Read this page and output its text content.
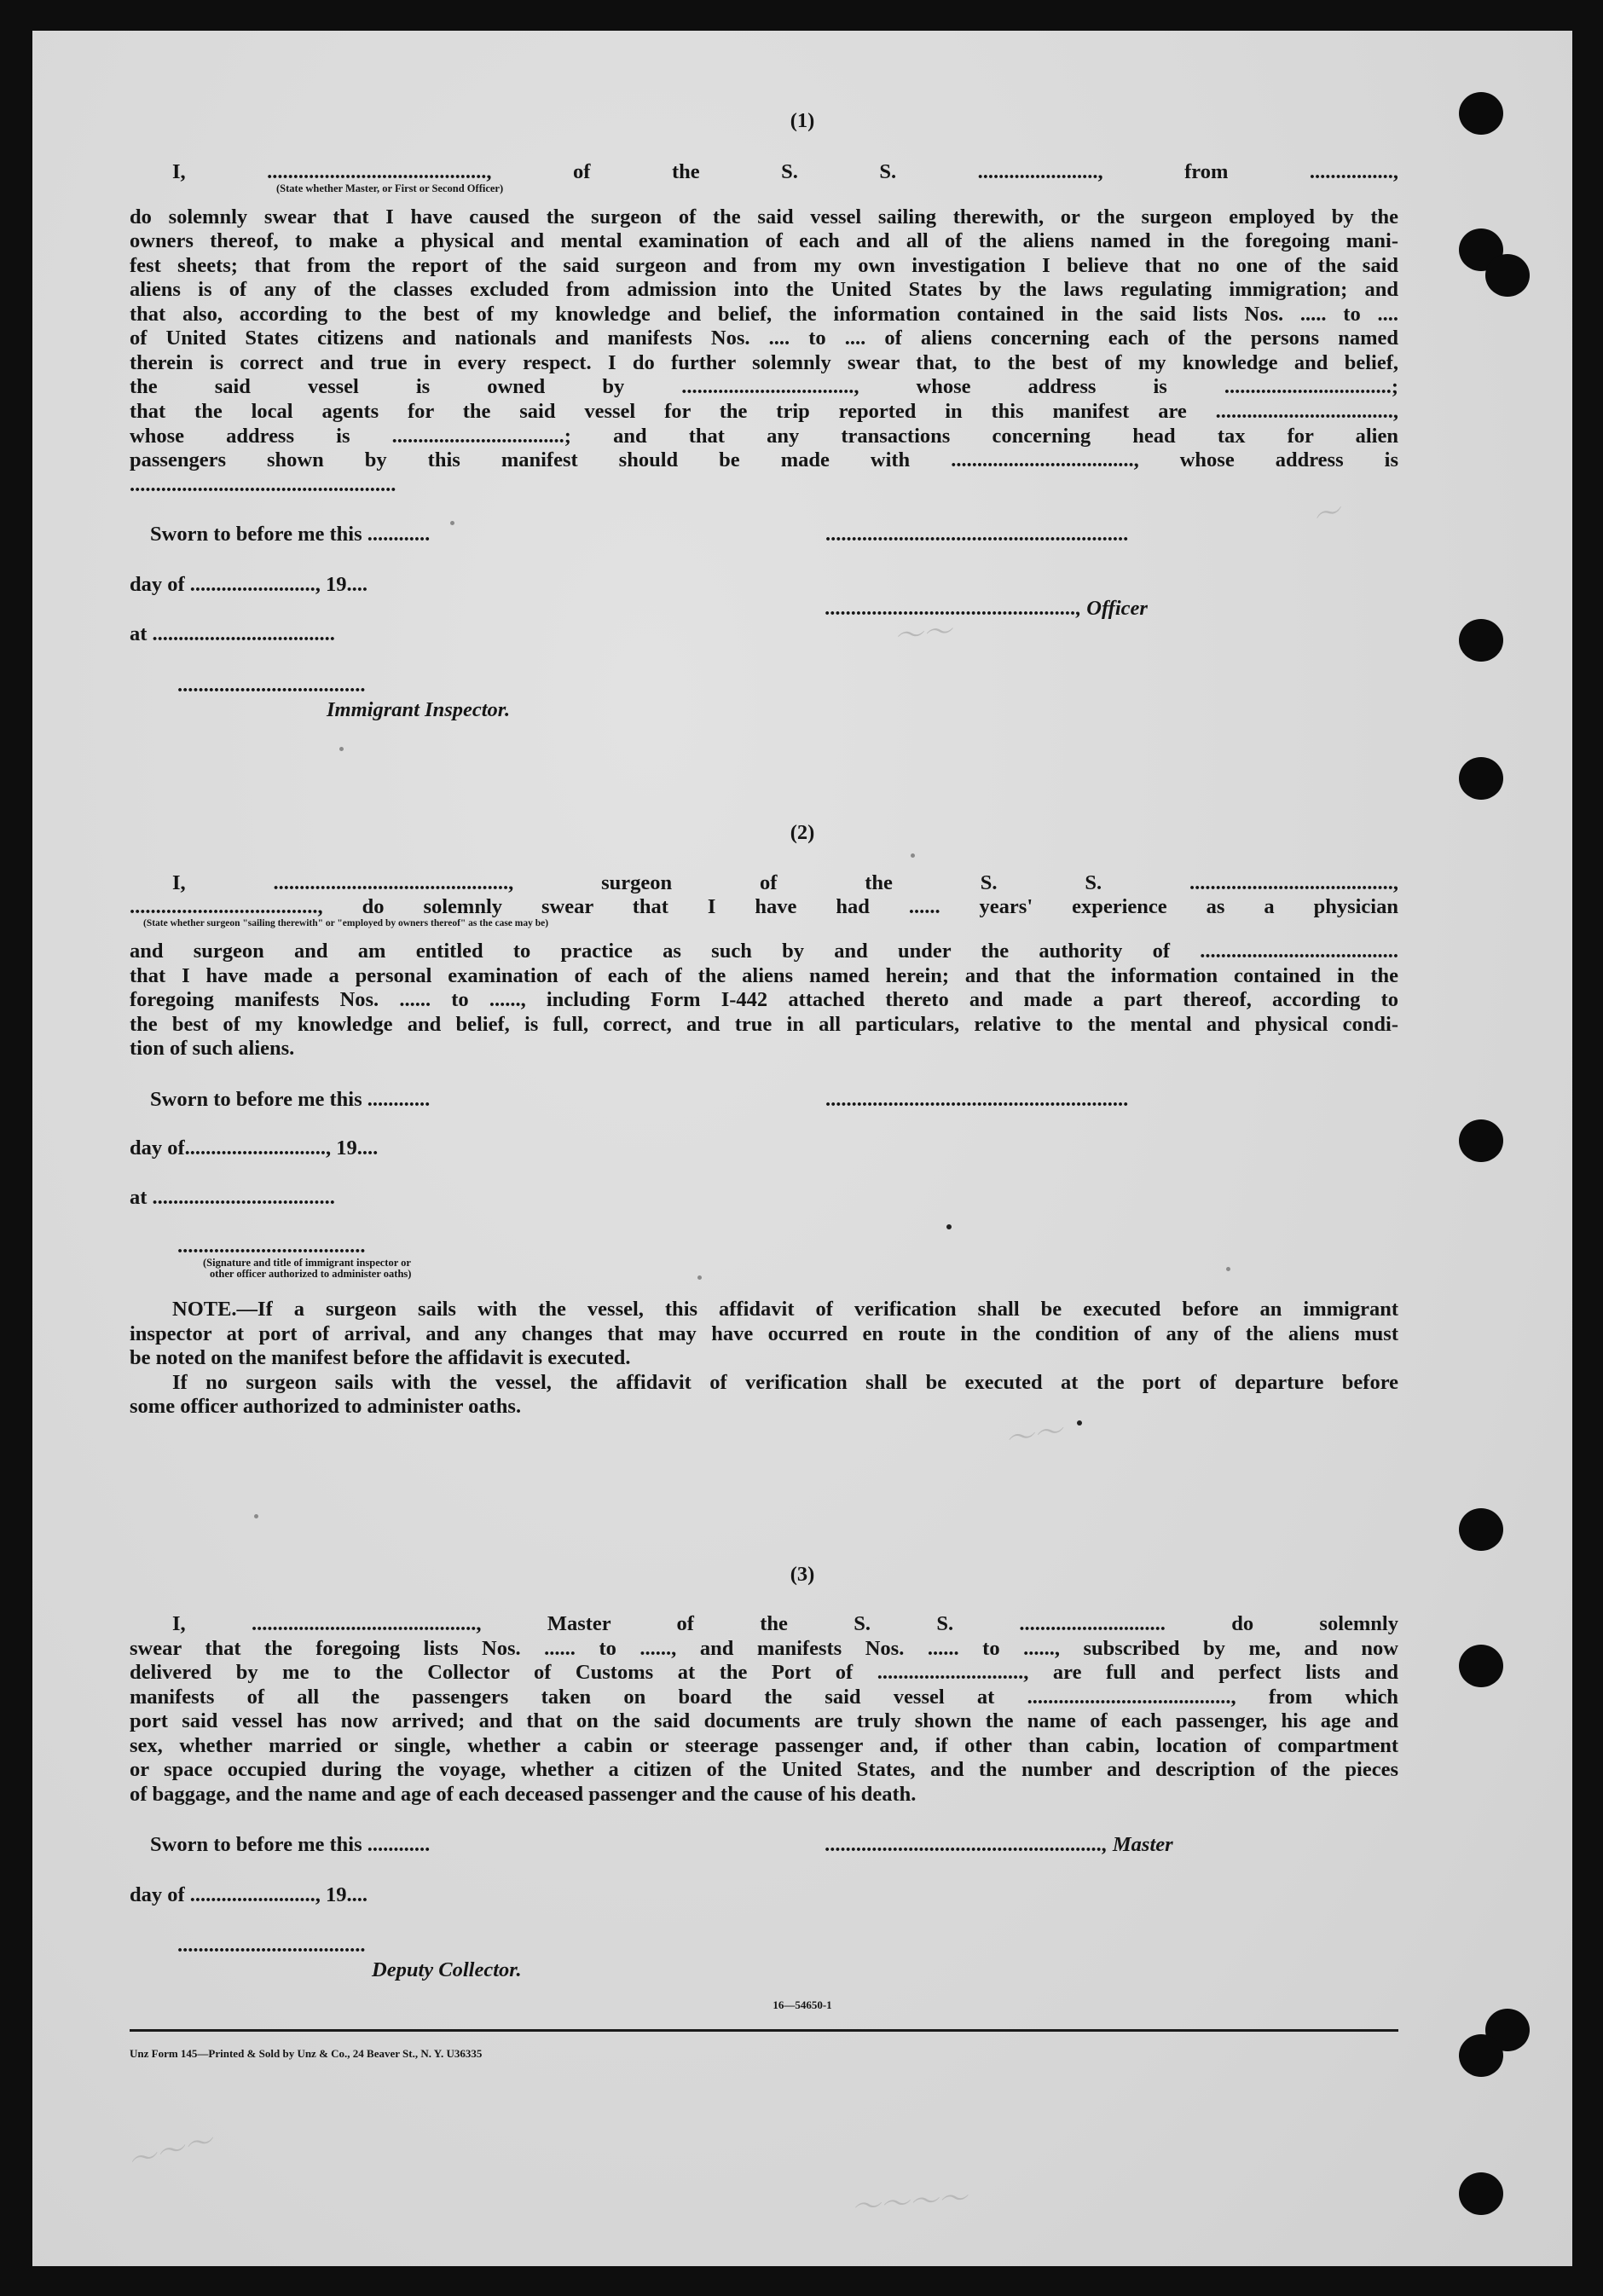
〜〜
〜
〜〜
〜〜〜
〜〜〜〜
(1)
I, .........................................., of the S. S. ......................., from ................,
(State whether Master, or First or Second Officer)
do solemnly swear that I have caused the surgeon of the said vessel sailing therewith, or the surgeon employed by the
owners thereof, to make a physical and mental examination of each and all of the aliens named in the foregoing mani-
fest sheets; that from the report of the said surgeon and from my own investigation I believe that no one of the said
aliens is of any of the classes excluded from admission into the United States by the laws regulating immigration; and
that also, according to the best of my knowledge and belief, the information contained in the said lists Nos. ..... to ....
of United States citizens and nationals and manifests Nos. .... to .... of aliens concerning each of the persons named
therein is correct and true in every respect. I do further solemnly swear that, to the best of my knowledge and belief,
the said vessel is owned by ................................., whose address is ................................;
that the local agents for the said vessel for the trip reported in this manifest are ..................................,
whose address is .................................; and that any transactions concerning head tax for alien
passengers shown by this manifest should be made with ..................................., whose address is
...................................................
Sworn to before me this ............	..........................................................
day of ........................, 19....
................................................, Officer
at ...................................
....................................
Immigrant Inspector.
(2)
I, ............................................., surgeon of the S. S. .......................................,
...................................., do solemnly swear that I have had ...... years' experience as a physician
(State whether surgeon "sailing therewith" or "employed by owners thereof" as the case may be)
and surgeon and am entitled to practice as such by and under the authority of ......................................
that I have made a personal examination of each of the aliens named herein; and that the information contained in the
foregoing manifests Nos. ...... to ......, including Form I-442 attached thereto and made a part thereof, according to
the best of my knowledge and belief, is full, correct, and true in all particulars, relative to the mental and physical condi-
tion of such aliens.
Sworn to before me this ............	..........................................................
day of..........................., 19....
at ...................................
....................................
(Signature and title of immigrant inspector or
other officer authorized to administer oaths)
NOTE.—If a surgeon sails with the vessel, this affidavit of verification shall be executed before an immigrant
inspector at port of arrival, and any changes that may have occurred en route in the condition of any of the aliens must
be noted on the manifest before the affidavit is executed.
If no surgeon sails with the vessel, the affidavit of verification shall be executed at the port of departure before
some officer authorized to administer oaths.
(3)
I, ..........................................., Master of the S. S. ............................ do solemnly
swear that the foregoing lists Nos. ...... to ......, and manifests Nos. ...... to ......, subscribed by me, and now
delivered by me to the Collector of Customs at the Port of ............................, are full and perfect lists and
manifests of all the passengers taken on board the said vessel at ......................................., from which
port said vessel has now arrived; and that on the said documents are truly shown the name of each passenger, his age and
sex, whether married or single, whether a cabin or steerage passenger and, if other than cabin, location of compartment
or space occupied during the voyage, whether a citizen of the United States, and the number and description of the pieces
of baggage, and the name and age of each deceased passenger and the cause of his death.
Sworn to before me this ............	....................................................., Master
day of ........................, 19....
....................................
Deputy Collector.
16—54650-1
Unz Form 145—Printed & Sold by Unz & Co., 24 Beaver St., N. Y. U36335
